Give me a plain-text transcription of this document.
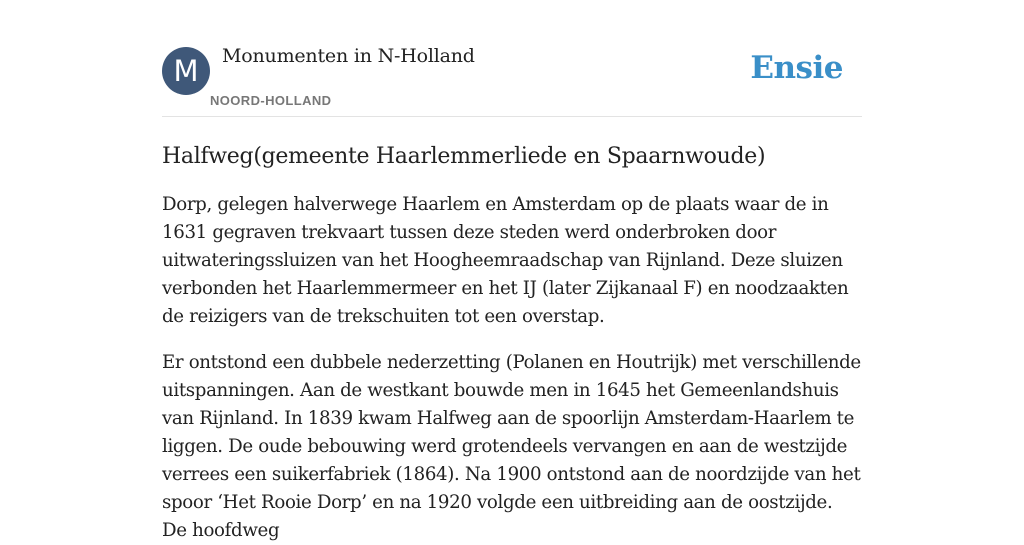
M	Monumenten in N-Holland
NOORD-HOLLAND
Ensie
Halfweg(gemeente Haarlemmerliede en Spaarnwoude)

Dorp, gelegen halverwege Haarlem en Amsterdam op de plaats waar de in 1631 gegraven trekvaart tussen deze steden werd onderbroken door uitwateringssluizen van het Hoogheemraadschap van Rijnland. Deze sluizen verbonden het Haarlemmermeer en het IJ (later Zijkanaal F) en noodzaakten de reizigers van de trekschuiten tot een overstap.

Er ontstond een dubbele nederzetting (Polanen en Houtrijk) met verschillende uitspanningen. Aan de westkant bouwde men in 1645 het Gemeenlandshuis van Rijnland. In 1839 kwam Halfweg aan de spoorlijn Amsterdam-Haarlem te liggen. De oude bebouwing werd grotendeels vervangen en aan de westzijde verrees een suikerfabriek (1864). Na 1900 ontstond aan de noordzijde van het spoor ‘Het Rooie Dorp’ en na 1920 volgde een uitbreiding aan de oostzijde. De hoofdweg
